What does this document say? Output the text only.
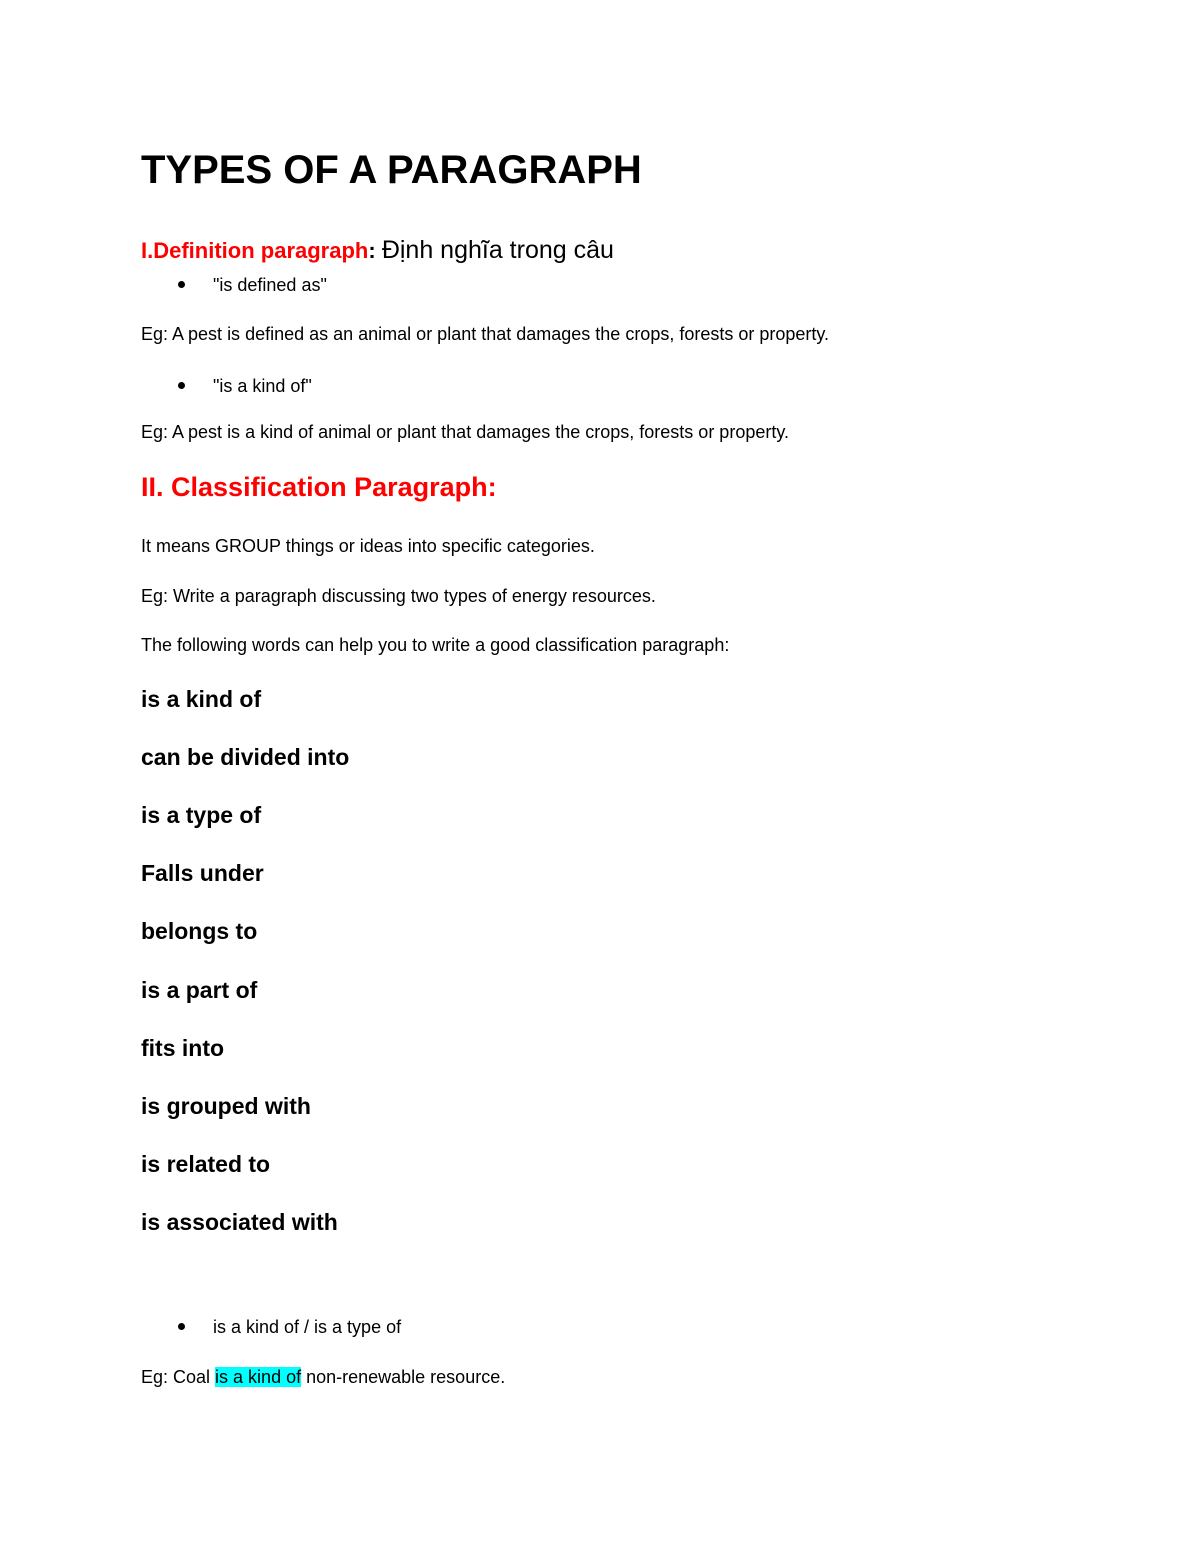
TYPES OF A PARAGRAPH
I.Definition paragraph: Định nghĩa trong câu
"is defined as"
Eg: A pest is defined as an animal or plant that damages the crops, forests or property.
"is a kind of"
Eg: A pest is a kind of animal or plant that damages the crops, forests or property.
II. Classification Paragraph:
It means GROUP things or ideas into specific categories.
Eg: Write a paragraph discussing two types of energy resources.
The following words can help you to write a good classification paragraph:
is a kind of
can be divided into
is a type of
Falls under
belongs to
is a part of
fits into
is grouped with
is related to
is associated with
is a kind of / is a type of
Eg: Coal is a kind of non-renewable resource.
